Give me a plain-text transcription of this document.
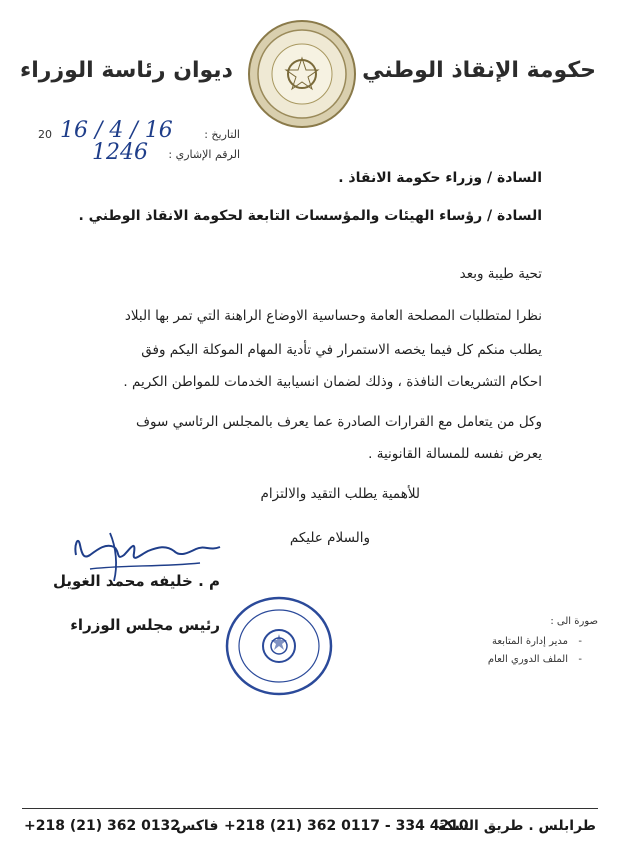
حكومة الإنقاذ الوطني
ديوان رئاسة الوزراء
التاريخ :
16 / 4 / 16
20
الرقم الإشاري :
1246
السادة / وزراء حكومة الانقاذ .
السادة / رؤساء الهيئات والمؤسسات التابعة لحكومة الانقاذ الوطني .
تحية طيبة وبعد
نظرا لمتطلبات المصلحة العامة وحساسية الاوضاع الراهنة التي تمر بها البلاد
يطلب منكم كل فيما يخصه الاستمرار في تأدية المهام الموكلة اليكم وفق
احكام التشريعات النافذة ، وذلك لضمان انسيابية الخدمات للمواطن الكريم .
وكل من يتعامل مع القرارات الصادرة عما يعرف بالمجلس الرئاسي سوف
يعرض نفسه للمسالة القانونية .
للأهمية يطلب التقيد والالتزام
والسلام عليكم
م . خليفه محمد الغويل
رئيس مجلس الوزراء	صورة الى :
مدير إدارة المتابعة
الملف الدوري العام
-
-
طرابلس . طريق السكة
+218 (21) 362 0117 - 334 4210
فاكس
+218 (21) 362 0132
